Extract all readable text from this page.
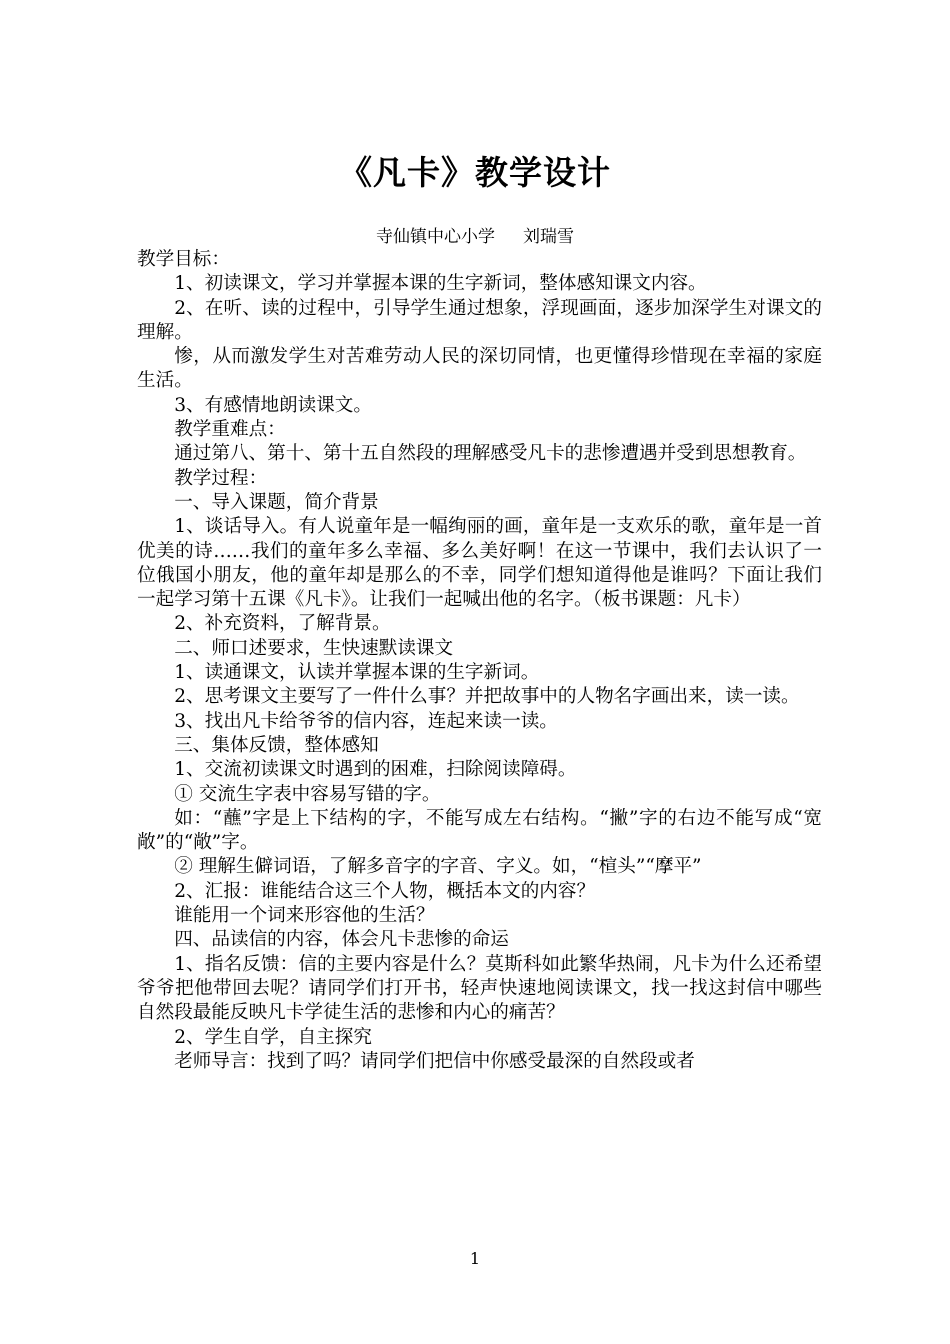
《凡卡》教学设计
寺仙镇中心小学 刘瑞雪

教学目标：

1、初读课文，学习并掌握本课的生字新词，整体感知课文内容。

2、在听、读的过程中，引导学生通过想象，浮现画面，逐步加深学生对课文的理解。

惨，从而激发学生对苦难劳动人民的深切同情，也更懂得珍惜现在幸福的家庭生活。

3、有感情地朗读课文。

教学重难点：

通过第八、第十、第十五自然段的理解感受凡卡的悲惨遭遇并受到思想教育。

教学过程：

一、导入课题，简介背景

1、谈话导入。有人说童年是一幅绚丽的画，童年是一支欢乐的歌，童年是一首优美的诗……我们的童年多么幸福、多么美好啊！在这一节课中，我们去认识了一位俄国小朋友，他的童年却是那么的不幸，同学们想知道得他是谁吗？下面让我们一起学习第十五课《凡卡》。让我们一起喊出他的名字。（板书课题：凡卡）

2、补充资料，了解背景。

二、师口述要求，生快速默读课文

1、读通课文，认读并掌握本课的生字新词。

2、思考课文主要写了一件什么事？并把故事中的人物名字画出来，读一读。

3、找出凡卡给爷爷的信内容，连起来读一读。

三、集体反馈，整体感知

1、交流初读课文时遇到的困难，扫除阅读障碍。

① 交流生字表中容易写错的字。

如：“蘸”字是上下结构的字，不能写成左右结构。“撇”字的右边不能写成“宽敞”的“敞”字。

② 理解生僻词语，了解多音字的字音、字义。如，“楦头”“摩平”

2、汇报：谁能结合这三个人物，概括本文的内容？

谁能用一个词来形容他的生活？

四、品读信的内容，体会凡卡悲惨的命运

1、指名反馈：信的主要内容是什么？莫斯科如此繁华热闹，凡卡为什么还希望爷爷把他带回去呢？请同学们打开书，轻声快速地阅读课文，找一找这封信中哪些自然段最能反映凡卡学徒生活的悲惨和内心的痛苦？

2、学生自学，自主探究

老师导言：找到了吗？请同学们把信中你感受最深的自然段或者

1
